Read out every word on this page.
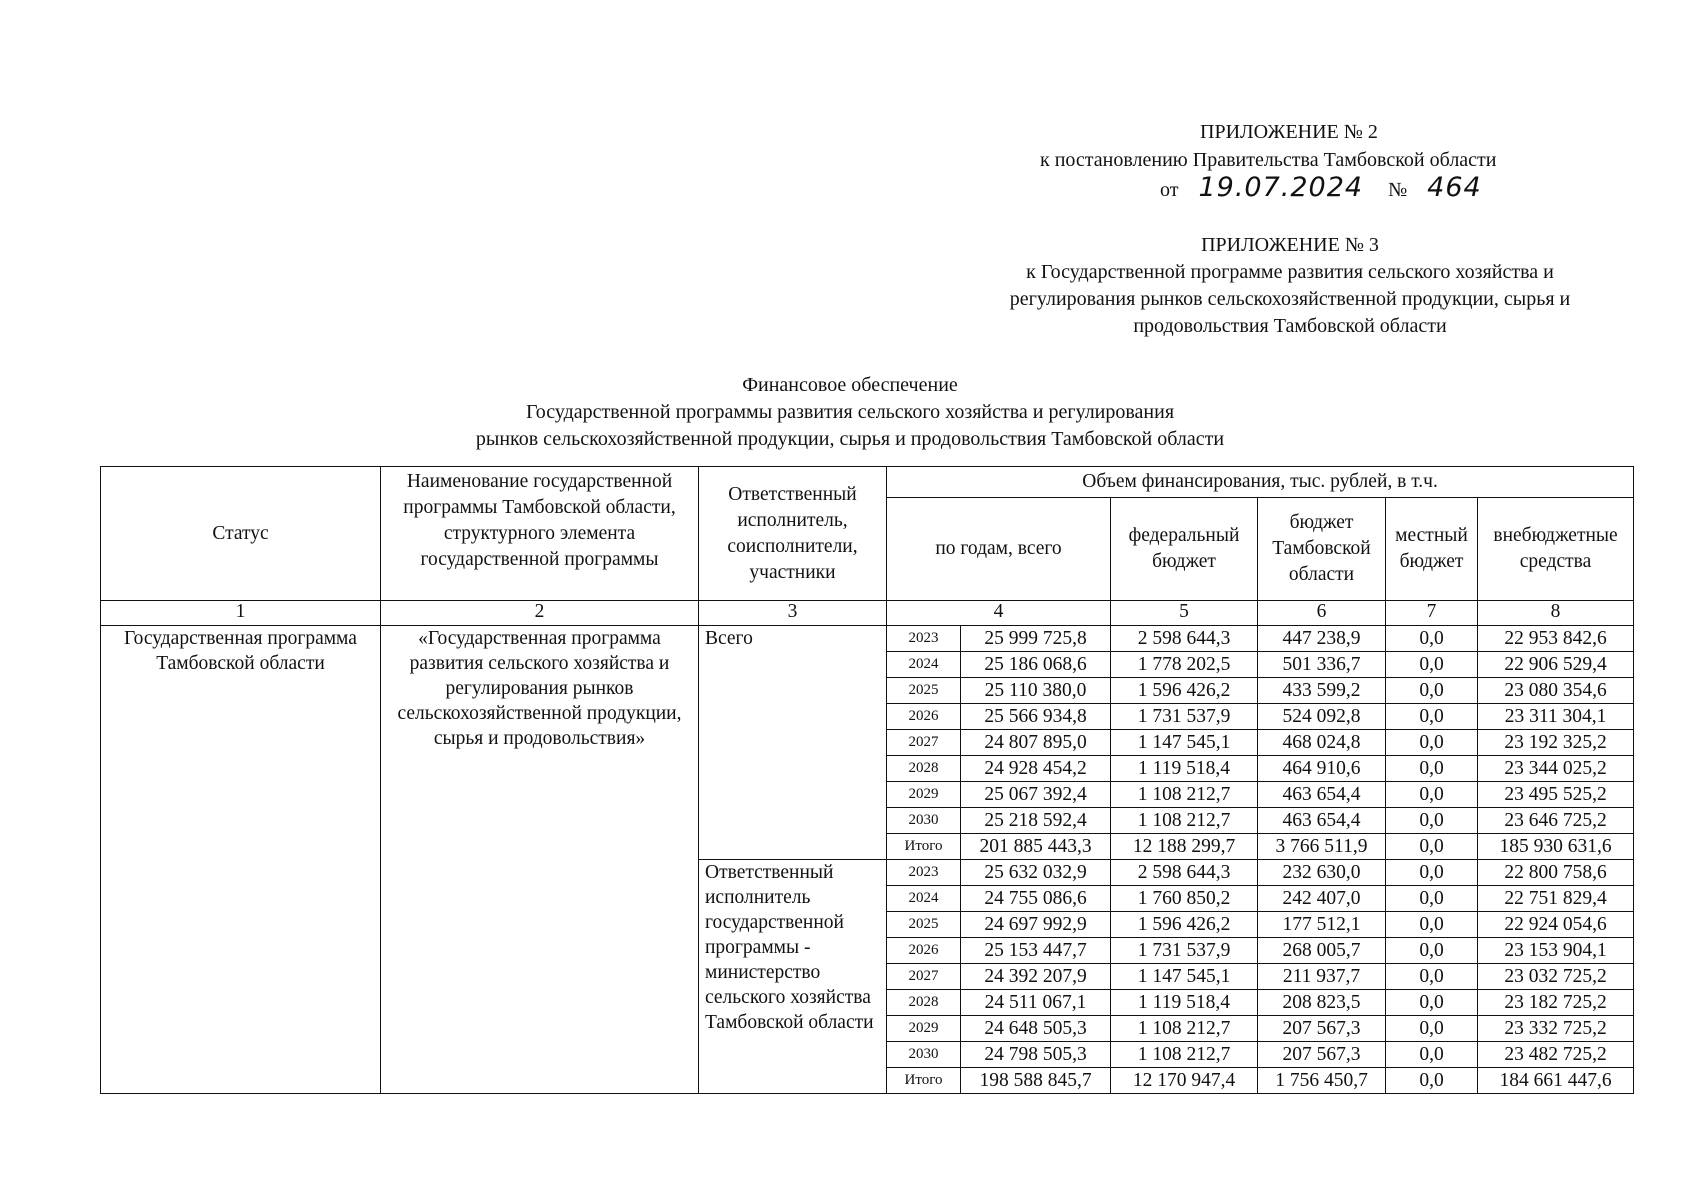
ПРИЛОЖЕНИЕ № 2
к постановлению Правительства Тамбовской области
от 19.07.2024 № 464
ПРИЛОЖЕНИЕ № 3
к Государственной программе развития сельского хозяйства и
регулирования рынков сельскохозяйственной продукции, сырья и
продовольствия Тамбовской области
Финансовое обеспечение
Государственной программы развития сельского хозяйства и регулирования
рынков сельскохозяйственной продукции, сырья и продовольствия Тамбовской области
Статус	Наименование государственной программы Тамбовской области, структурного элемента государственной программы	Ответственный исполнитель, соисполнители, участники	Объем финансирования, тыс. рублей, в т.ч.					
			по годам, всего		федеральный бюджет	бюджет Тамбовской области	местный бюджет	внебюджетные средства
1	2	3	4		5	6	7	8
Государственная программа Тамбовской области	«Государственная программа развития сельского хозяйства и регулирования рынков сельскохозяйственной продукции, сырья и продовольствия»	Всего	2023	25 999 725,8	2 598 644,3	447 238,9	0,0	22 953 842,6
			2024	25 186 068,6	1 778 202,5	501 336,7	0,0	22 906 529,4
			2025	25 110 380,0	1 596 426,2	433 599,2	0,0	23 080 354,6
			2026	25 566 934,8	1 731 537,9	524 092,8	0,0	23 311 304,1
			2027	24 807 895,0	1 147 545,1	468 024,8	0,0	23 192 325,2
			2028	24 928 454,2	1 119 518,4	464 910,6	0,0	23 344 025,2
			2029	25 067 392,4	1 108 212,7	463 654,4	0,0	23 495 525,2
			2030	25 218 592,4	1 108 212,7	463 654,4	0,0	23 646 725,2
			Итого	201 885 443,3	12 188 299,7	3 766 511,9	0,0	185 930 631,6
		Ответственный исполнитель государственной программы - министерство сельского хозяйства Тамбовской области	2023	25 632 032,9	2 598 644,3	232 630,0	0,0	22 800 758,6
			2024	24 755 086,6	1 760 850,2	242 407,0	0,0	22 751 829,4
			2025	24 697 992,9	1 596 426,2	177 512,1	0,0	22 924 054,6
			2026	25 153 447,7	1 731 537,9	268 005,7	0,0	23 153 904,1
			2027	24 392 207,9	1 147 545,1	211 937,7	0,0	23 032 725,2
			2028	24 511 067,1	1 119 518,4	208 823,5	0,0	23 182 725,2
			2029	24 648 505,3	1 108 212,7	207 567,3	0,0	23 332 725,2
			2030	24 798 505,3	1 108 212,7	207 567,3	0,0	23 482 725,2
			Итого	198 588 845,7	12 170 947,4	1 756 450,7	0,0	184 661 447,6
